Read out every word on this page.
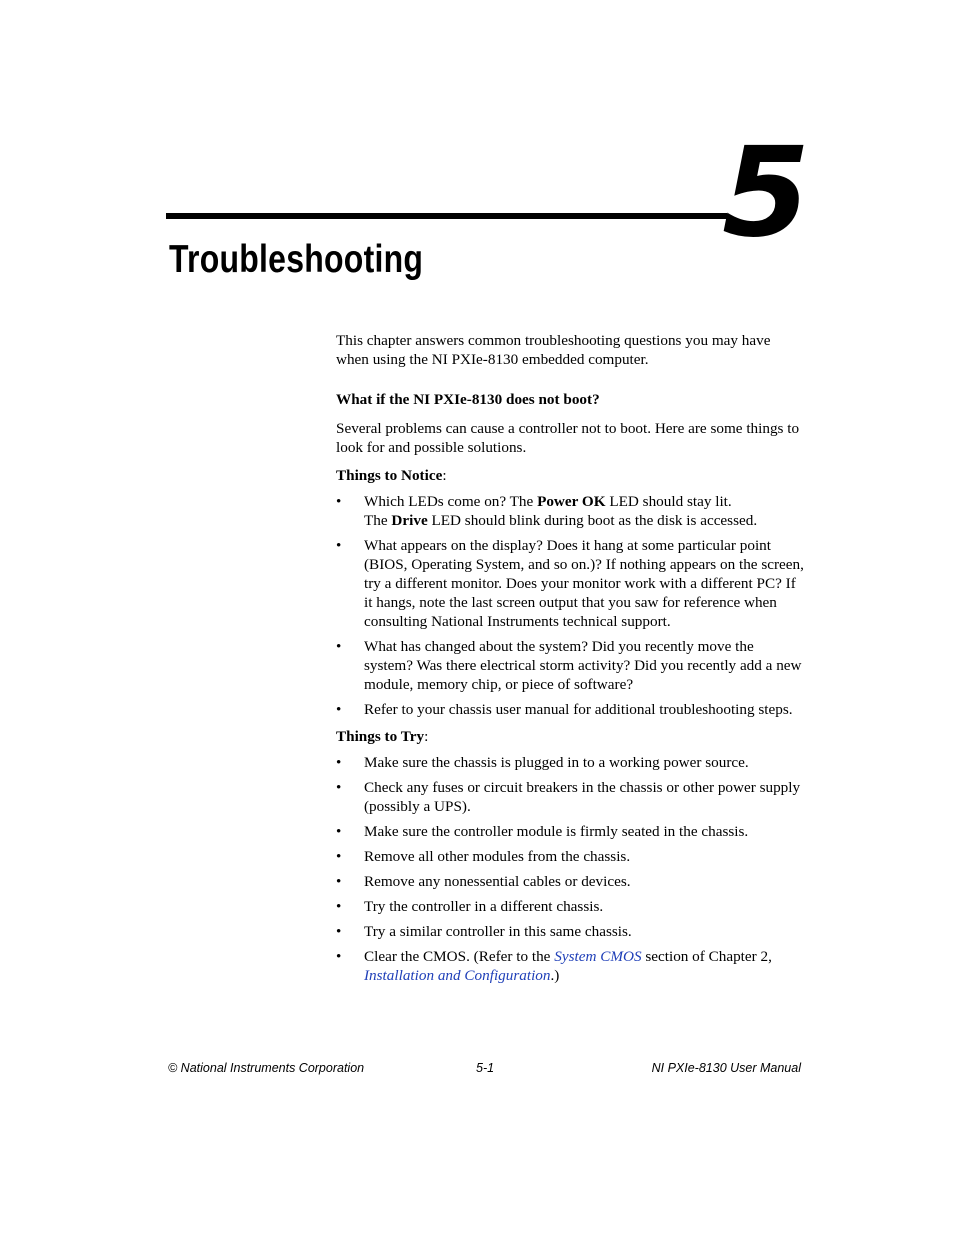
5
Troubleshooting

This chapter answers common troubleshooting questions you may have when using the NI PXIe-8130 embedded computer.

What if the NI PXIe-8130 does not boot?

Several problems can cause a controller not to boot. Here are some things to look for and possible solutions.

Things to Notice:

• Which LEDs come on? The Power OK LED should stay lit.
The Drive LED should blink during boot as the disk is accessed.
• What appears on the display? Does it hang at some particular point (BIOS, Operating System, and so on.)? If nothing appears on the screen, try a different monitor. Does your monitor work with a different PC? If it hangs, note the last screen output that you saw for reference when consulting National Instruments technical support.
• What has changed about the system? Did you recently move the system? Was there electrical storm activity? Did you recently add a new module, memory chip, or piece of software?
• Refer to your chassis user manual for additional troubleshooting steps.

Things to Try:

• Make sure the chassis is plugged in to a working power source.
• Check any fuses or circuit breakers in the chassis or other power supply (possibly a UPS).
• Make sure the controller module is firmly seated in the chassis.
• Remove all other modules from the chassis.
• Remove any nonessential cables or devices.
• Try the controller in a different chassis.
• Try a similar controller in this same chassis.
• Clear the CMOS. (Refer to the System CMOS section of Chapter 2, Installation and Configuration.)
© National Instruments Corporation	5-1	NI PXIe-8130 User Manual
